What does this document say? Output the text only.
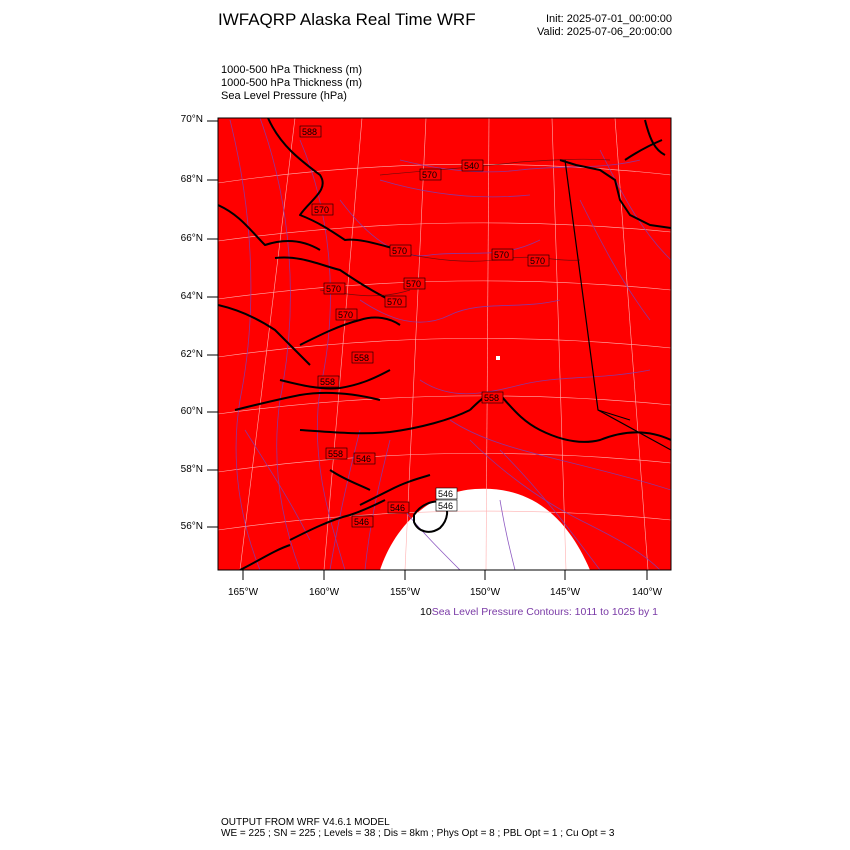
IWFAQRP Alaska Real Time WRF	Init: 2025-07-01_00:00:00
Valid: 2025-07-06_20:00:00
1000-500 hPa Thickness (m)
1000-500 hPa Thickness (m)
Sea Level Pressure (hPa)
70°N
68°N
66°N
64°N
62°N
60°N
58°N
56°N
165°W	160°W	155°W	150°W	145°W	140°W
588
540
570
570
570	570
570
570
570
570
570
558
558
558
558 546
546
546
546
546
10Sea Level Pressure Contours: 1011 to 1025 by 1
OUTPUT FROM WRF V4.6.1 MODEL
WE = 225 ; SN = 225 ; Levels = 38 ; Dis = 8km ; Phys Opt = 8 ; PBL Opt = 1 ; Cu Opt = 3
